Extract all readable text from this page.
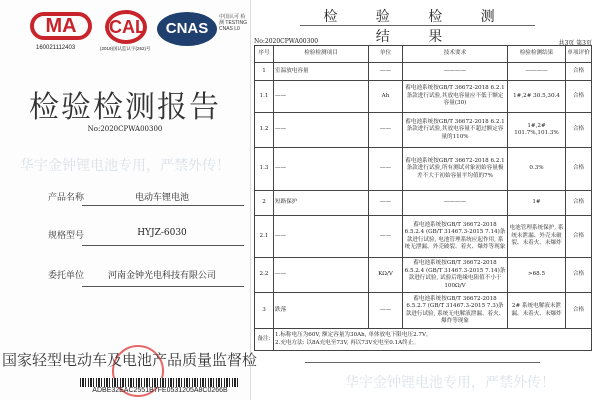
MA
160021112403
CAL
(2019)国认监认字(262)号
CNAS
中国认可 检测 TESTING CNAS L0
检验检测报告
No:2020CPWA00300
华宇金钟锂电池专用，严禁外传！
产品名称	电动车锂电池
规格型号	HYJZ-6030
委托单位	河南金钟光电科技有限公司
国家轻型电动车及电池产品质量监督检
ADBE32EAC2551B7FE0531205A8C0266B
检 验 检 测 结 果
No:2020CPWA00300	共3页 第3页
序号	检验检测项目	单位	技术要求	检验检测结果	单项评价
1	室温放电容量	——	————	————	合格
1.1	——	Ah	蓄电池系统按GB/T 36672-2018 6.2.1条款进行试验,其放电容量应不低于额定容量(30)	1#,2# 30.5,30.4	合格
1.2	——	——	蓄电池系统按GB/T 36672-2018 6.2.1条款进行试验,其放电容量不超过额定容量的110%	1#,2# 101.7%,101.3%	合格
1.3	——	——	蓄电池系统按GB/T 36672-2018 6.2.1条款进行试验,所有测试对象初始容量极差不大于初始容量平均值的7%	0.3%	合格
2	短路保护	——	————	1#	合格
2.1	——	——	蓄电池系统按GB/T 36672-2018 6.5.2.4 (GB/T 31467.3-2015 7.14)条款进行试验, 电池管理系统应起作用, 系统无泄漏、外壳破裂、着火、爆炸等现象	电池管理系统保护, 系统未泄漏、外壳未破裂、未着火、未爆炸	合格
2.2	——	KΩ/V	蓄电池系统按GB/T 36672-2018 6.5.2.4 (GB/T 31467.3-2015 7.14)条款进行试验, 试验后绝缘电阻值不小于100Ω/V	>68.5	合格
3	跌落	——	蓄电池系统按GB/T 36672-2018 6.5.2.7 (GB/T 31467.3-2015 7.3)条款进行试验, 系统无电解液泄漏、着火、爆炸等现象	2# 系统电解液未泄漏、未着火、未爆炸	合格
备注:	1.标称电压为60V, 额定容量为30Ah, 单体放电下限电压2.7V。
2.充电方法: 以8A充电至73V, 再以73V充电至0.1A终止。				
华宇金钟锂电池专用，严禁外传！
